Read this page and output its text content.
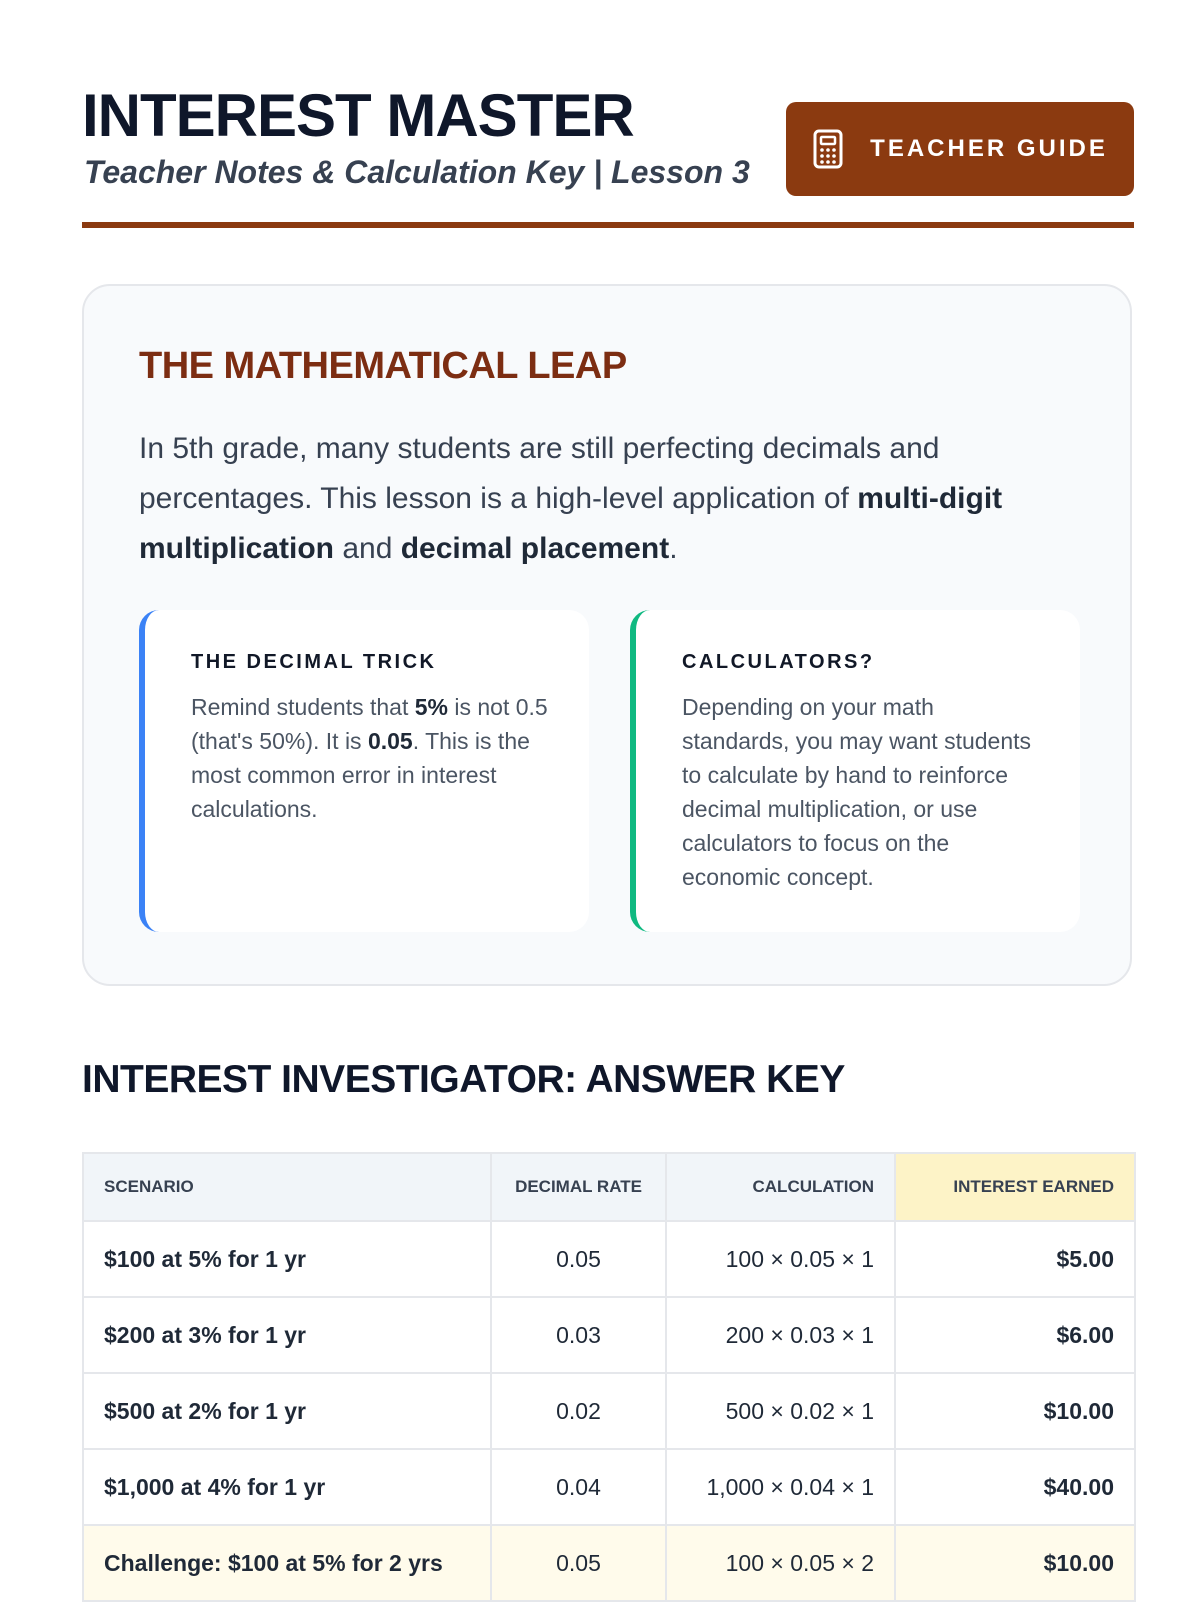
INTEREST MASTER
Teacher Notes & Calculation Key | Lesson 3
TEACHER GUIDE
THE MATHEMATICAL LEAP
In 5th grade, many students are still perfecting decimals and percentages. This lesson is a high-level application of multi-digit multiplication and decimal placement.
THE DECIMAL TRICK
Remind students that 5% is not 0.5 (that's 50%). It is 0.05. This is the most common error in interest calculations.
CALCULATORS?
Depending on your math standards, you may want students to calculate by hand to reinforce decimal multiplication, or use calculators to focus on the economic concept.
INTEREST INVESTIGATOR: ANSWER KEY
SCENARIO	DECIMAL RATE	CALCULATION	INTEREST EARNED
$100 at 5% for 1 yr	0.05	100 × 0.05 × 1	$5.00
$200 at 3% for 1 yr	0.03	200 × 0.03 × 1	$6.00
$500 at 2% for 1 yr	0.02	500 × 0.02 × 1	$10.00
$1,000 at 4% for 1 yr	0.04	1,000 × 0.04 × 1	$40.00
Challenge: $100 at 5% for 2 yrs	0.05	100 × 0.05 × 2	$10.00
